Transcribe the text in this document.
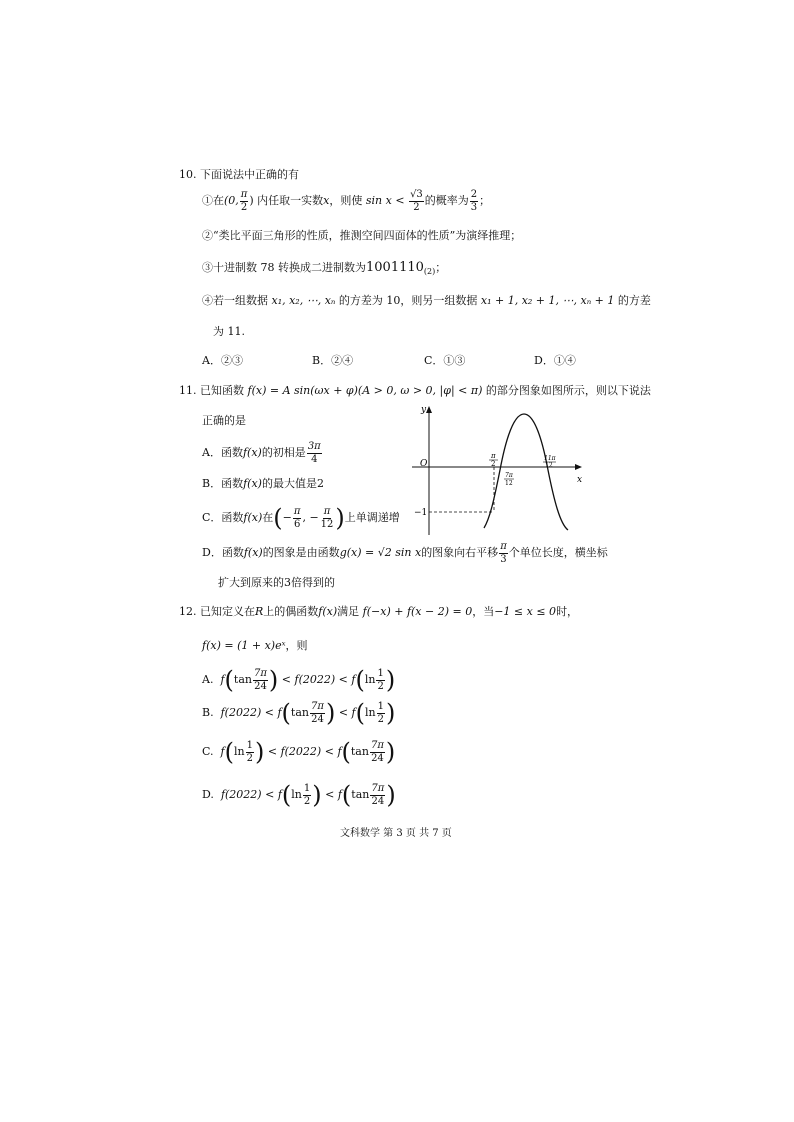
10. 下面说法中正确的有
①在(0, $\frac{\pi}{2}$ ) 内任取一实数x，则使 $\sin x < \frac{√3}{2}$ 的概率为 $\frac{2}{3}$ ；
②“类比平面三角形的性质，推测空间四面体的性质”为演绎推理；
③十进制数 78 转换成二进制数为$1001110_{(2)}$；
④若一组数据 x₁, x₂, ⋯, xₙ 的方差为 10，则另一组数据 x₁ + 1, x₂ + 1, ⋯, xₙ + 1 的方差
为 11.
A．②③	B．②④	C．①③	D．①④
11. 已知函数 f(x) = A sin(ωx + φ)(A > 0, ω > 0, |φ| < π) 的部分图象如图所示，则以下说法
正确的是
A．函数f(x)的初相是 $\frac{3\pi}{4}$
B．函数f(x)的最大值是2
C．函数f(x)在(− $\frac{\pi}{6}$ , − $\frac{\pi}{12}$ )上单调递增
D．函数f(x)的图象是由函数g(x) = √2 sin x的图象向右平移 $\frac{\pi}{3}$ 个单位长度，横坐标
扩大到原来的3倍得到的
y
x
O
−1
π
2
7π
12
11π
12
12. 已知定义在R上的偶函数f(x)满足 f(−x) + f(x − 2) = 0，当−1 ≤ x ≤ 0时，
f(x) = (1 + x)eˣ，则
A. $f(\tan \frac{7\pi}{24}$ ) < $f(2022) < f(\ln \frac{1}{2}$ )
B. $f(2022) < f(\tan \frac{7\pi}{24}$ ) < $f(\ln \frac{1}{2}$ )
C. $f(\ln \frac{1}{2}$ ) < $f(2022) < f(\tan \frac{7\pi}{24}$ )
D. $f(2022) < f(\ln \frac{1}{2}$ ) < $f(\tan \frac{7\pi}{24}$ )
文科数学 第 3 页 共 7 页
